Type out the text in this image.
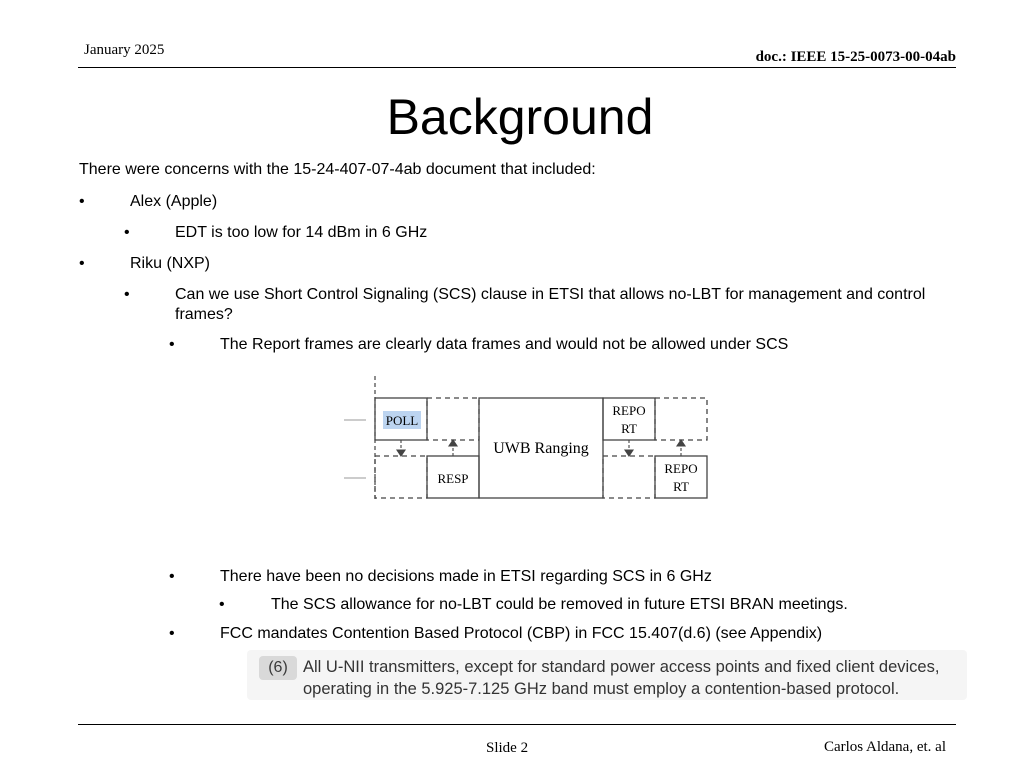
January 2025	doc.: IEEE 15-25-0073-00-04ab
Background
There were concerns with the 15-24-407-07-4ab document that included:
•	Alex (Apple)
•	EDT is too low for 14 dBm in 6 GHz
•	Riku (NXP)
•	Can we use Short Control Signaling (SCS) clause in ETSI that allows no-LBT for management and control frames?
•	The Report frames are clearly data frames and would not be allowed under SCS
•	There have been no decisions made in ETSI regarding SCS in 6 GHz
•	The SCS allowance for no-LBT could be removed in future ETSI BRAN meetings.
•	FCC mandates Contention Based Protocol (CBP) in FCC 15.407(d.6) (see Appendix)
POLL
UWB Ranging
REPO
RT
RESP
REPO
RT
(6) All U-NII transmitters, except for standard power access points and fixed client devices, operating in the 5.925-7.125 GHz band must employ a contention-based protocol.
Slide 2	Carlos Aldana, et. al
